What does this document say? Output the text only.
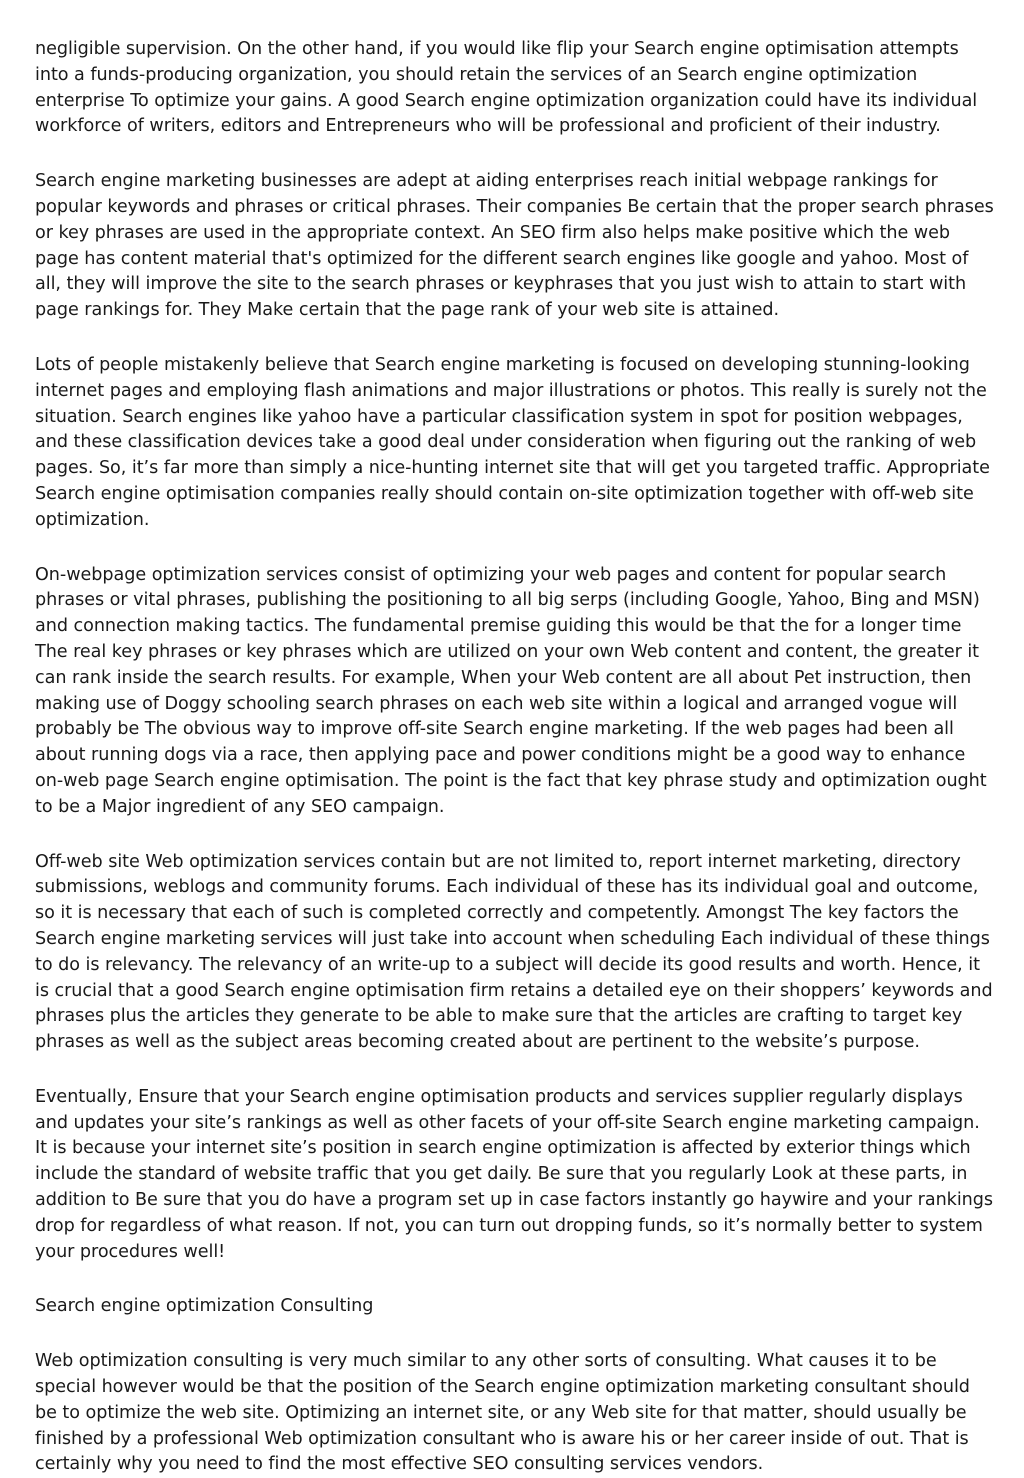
negligible supervision. On the other hand, if you would like flip your Search engine optimisation attempts into a funds-producing organization, you should retain the services of an Search engine optimization enterprise To optimize your gains. A good Search engine optimization organization could have its individual workforce of writers, editors and Entrepreneurs who will be professional and proficient of their industry.

Search engine marketing businesses are adept at aiding enterprises reach initial webpage rankings for popular keywords and phrases or critical phrases. Their companies Be certain that the proper search phrases or key phrases are used in the appropriate context. An SEO firm also helps make positive which the web page has content material that's optimized for the different search engines like google and yahoo. Most of all, they will improve the site to the search phrases or keyphrases that you just wish to attain to start with page rankings for. They Make certain that the page rank of your web site is attained.

Lots of people mistakenly believe that Search engine marketing is focused on developing stunning-looking internet pages and employing flash animations and major illustrations or photos. This really is surely not the situation. Search engines like yahoo have a particular classification system in spot for position webpages, and these classification devices take a good deal under consideration when figuring out the ranking of web pages. So, it’s far more than simply a nice-hunting internet site that will get you targeted traffic. Appropriate Search engine optimisation companies really should contain on-site optimization together with off-web site optimization.

On-webpage optimization services consist of optimizing your web pages and content for popular search phrases or vital phrases, publishing the positioning to all big serps (including Google, Yahoo, Bing and MSN) and connection making tactics. The fundamental premise guiding this would be that the for a longer time The real key phrases or key phrases which are utilized on your own Web content and content, the greater it can rank inside the search results. For example, When your Web content are all about Pet instruction, then making use of Doggy schooling search phrases on each web site within a logical and arranged vogue will probably be The obvious way to improve off-site Search engine marketing. If the web pages had been all about running dogs via a race, then applying pace and power conditions might be a good way to enhance on-web page Search engine optimisation. The point is the fact that key phrase study and optimization ought to be a Major ingredient of any SEO campaign.

Off-web site Web optimization services contain but are not limited to, report internet marketing, directory submissions, weblogs and community forums. Each individual of these has its individual goal and outcome, so it is necessary that each of such is completed correctly and competently. Amongst The key factors the Search engine marketing services will just take into account when scheduling Each individual of these things to do is relevancy. The relevancy of an write-up to a subject will decide its good results and worth. Hence, it is crucial that a good Search engine optimisation firm retains a detailed eye on their shoppers’ keywords and phrases plus the articles they generate to be able to make sure that the articles are crafting to target key phrases as well as the subject areas becoming created about are pertinent to the website’s purpose.

Eventually, Ensure that your Search engine optimisation products and services supplier regularly displays and updates your site’s rankings as well as other facets of your off-site Search engine marketing campaign. It is because your internet site’s position in search engine optimization is affected by exterior things which include the standard of website traffic that you get daily. Be sure that you regularly Look at these parts, in addition to Be sure that you do have a program set up in case factors instantly go haywire and your rankings drop for regardless of what reason. If not, you can turn out dropping funds, so it’s normally better to system your procedures well!

Search engine optimization Consulting

Web optimization consulting is very much similar to any other sorts of consulting. What causes it to be special however would be that the position of the Search engine optimization marketing consultant should be to optimize the web site. Optimizing an internet site, or any Web site for that matter, should usually be finished by a professional Web optimization consultant who is aware his or her career inside of out. That is certainly why you need to find the most effective SEO consulting services vendors.
